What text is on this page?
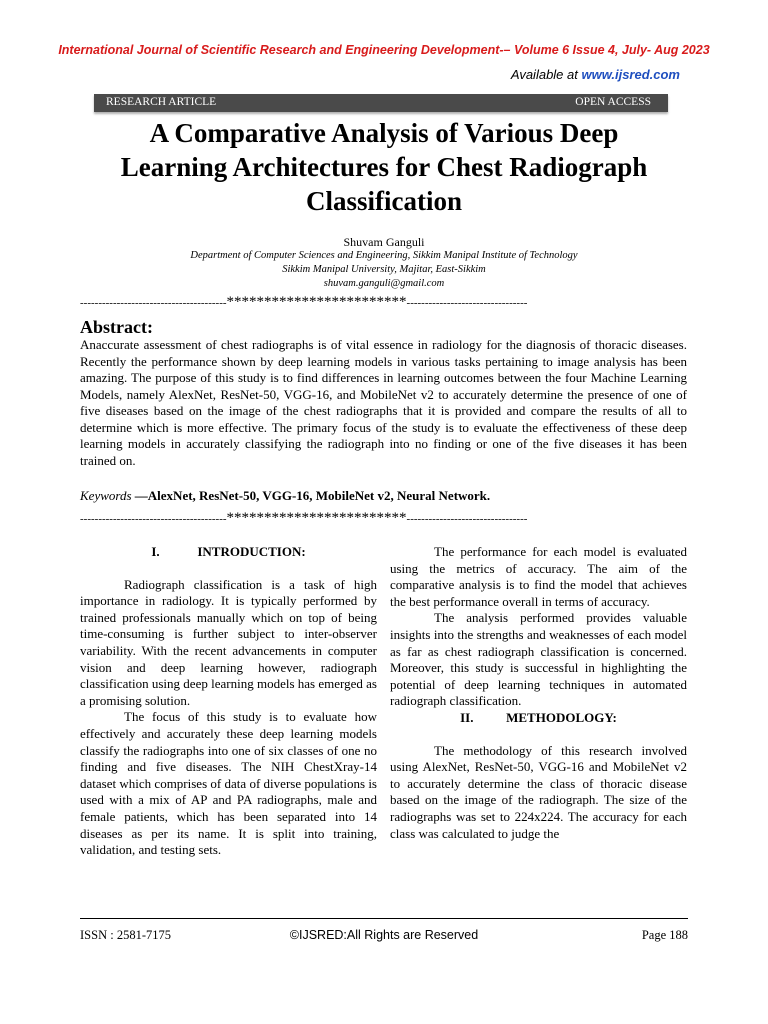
International Journal of Scientific Research and Engineering Development-– Volume 6 Issue 4, July- Aug 2023
Available at www.ijsred.com
RESEARCH ARTICLE	OPEN ACCESS
A Comparative Analysis of Various Deep
Learning Architectures for Chest Radiograph
Classification
Shuvam Ganguli
Department of Computer Sciences and Engineering, Sikkim Manipal Institute of Technology
Sikkim Manipal University, Majitar, East-Sikkim
shuvam.ganguli@gmail.com
----------------------------------------************************---------------------------------
Abstract:
Anaccurate assessment of chest radiographs is of vital essence in radiology for the diagnosis of thoracic diseases. Recently the performance shown by deep learning models in various tasks pertaining to image analysis has been amazing. The purpose of this study is to find differences in learning outcomes between the four Machine Learning Models, namely AlexNet, ResNet-50, VGG-16, and MobileNet v2 to accurately determine the presence of one of five diseases based on the image of the chest radiographs that it is provided and compare the results of all to determine which is more effective. The primary focus of the study is to evaluate the effectiveness of these deep learning models in accurately classifying the radiograph into no finding or one of the five diseases it has been trained on.
Keywords —AlexNet, ResNet-50, VGG-16, MobileNet v2, Neural Network.
----------------------------------------************************---------------------------------

I.	INTRODUCTION:

Radiograph classification is a task of high importance in radiology. It is typically performed by trained professionals manually which on top of being time-consuming is further subject to inter-observer variability. With the recent advancements in computer vision and deep learning however, radiograph classification using deep learning models has emerged as a promising solution.

The focus of this study is to evaluate how effectively and accurately these deep learning models classify the radiographs into one of six classes of one no finding and five diseases. The NIH ChestXray-14 dataset which comprises of data of diverse populations is used with a mix of AP and PA radiographs, male and female patients, which has been separated into 14 diseases as per its name. It is split into training, validation, and testing sets.

The performance for each model is evaluated using the metrics of accuracy. The aim of the comparative analysis is to find the model that achieves the best performance overall in terms of accuracy.

The analysis performed provides valuable insights into the strengths and weaknesses of each model as far as chest radiograph classification is concerned. Moreover, this study is successful in highlighting the potential of deep learning techniques in automated radiograph classification.

II.	METHODOLOGY:

The methodology of this research involved using AlexNet, ResNet-50, VGG-16 and MobileNet v2 to accurately determine the class of thoracic disease based on the image of the radiograph. The size of the radiographs was set to 224x224. The accuracy for each class was calculated to judge the

ISSN : 2581-7175	©IJSRED:All Rights are Reserved	Page 188
